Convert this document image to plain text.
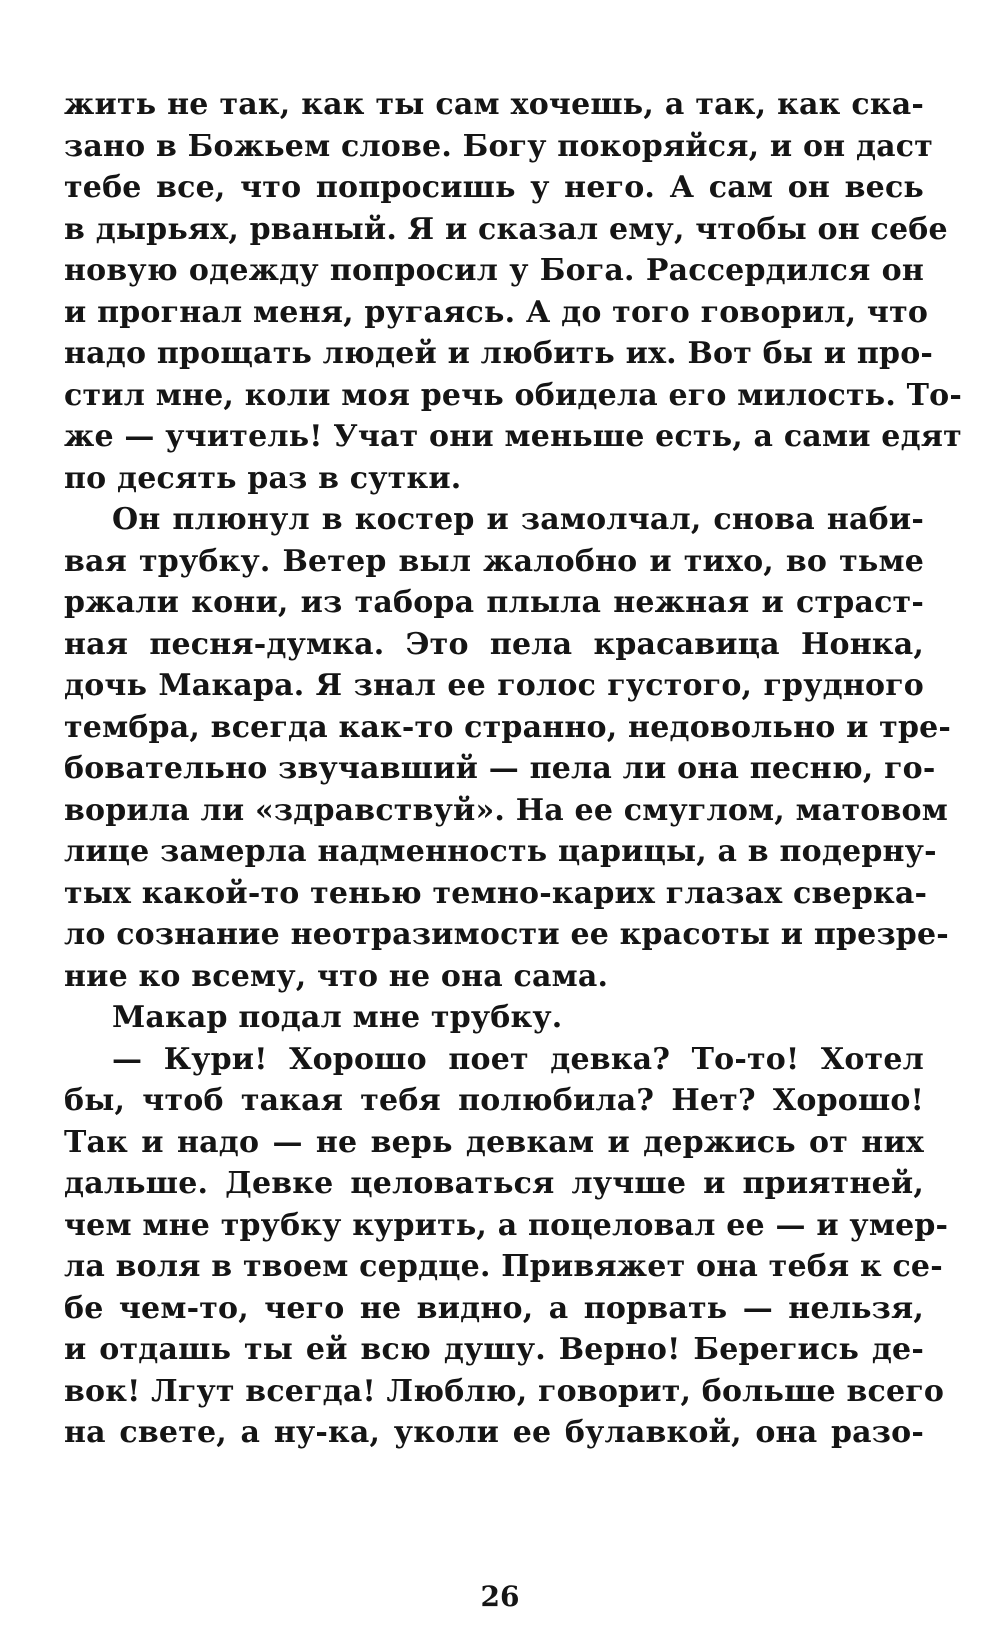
жить не так, как ты сам хочешь, а так, как ска-
зано в Божьем слове. Богу покоряйся, и он даст
тебе все, что попросишь у него. А сам он весь
в дырьях, рваный. Я и сказал ему, чтобы он себе
новую одежду попросил у Бога. Рассердился он
и прогнал меня, ругаясь. А до того говорил, что
надо прощать людей и любить их. Вот бы и про-
стил мне, коли моя речь обидела его милость. То-
же — учитель! Учат они меньше есть, а сами едят
по десять раз в сутки.
Он плюнул в костер и замолчал, снова наби-
вая трубку. Ветер выл жалобно и тихо, во тьме
ржали кони, из табора плыла нежная и страст-
ная песня-думка. Это пела красавица Нонка,
дочь Макара. Я знал ее голос густого, грудного
тембра, всегда как-то странно, недовольно и тре-
бовательно звучавший — пела ли она песню, го-
ворила ли «здравствуй». На ее смуглом, матовом
лице замерла надменность царицы, а в подерну-
тых какой-то тенью темно-карих глазах сверка-
ло сознание неотразимости ее красоты и презре-
ние ко всему, что не она сама.
Макар подал мне трубку.
— Кури! Хорошо поет девка? То-то! Хотел
бы, чтоб такая тебя полюбила? Нет? Хорошо!
Так и надо — не верь девкам и держись от них
дальше. Девке целоваться лучше и приятней,
чем мне трубку курить, а поцеловал ее — и умер-
ла воля в твоем сердце. Привяжет она тебя к се-
бе чем-то, чего не видно, а порвать — нельзя,
и отдашь ты ей всю душу. Верно! Берегись де-
вок! Лгут всегда! Люблю, говорит, больше всего
на свете, а ну-ка, уколи ее булавкой, она разо-
26
